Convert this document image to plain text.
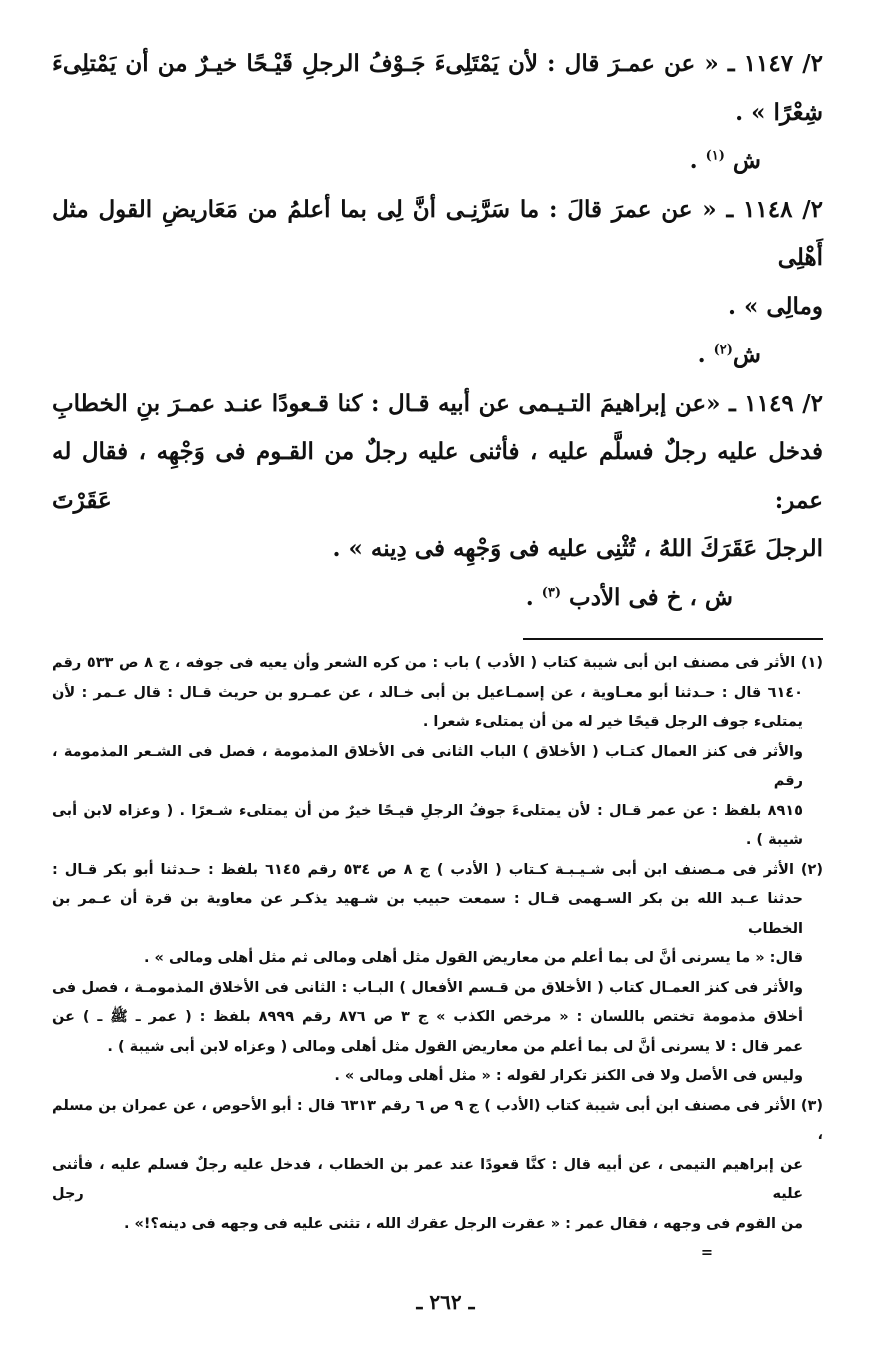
٢/ ١١٤٧ ـ « عن عمـرَ قال : لأن يَمْتَلِىءَ جَـوْفُ الرجلِ قَيْـحًا خيـرٌ من أن يَمْتلِىءَ

شِعْرًا » .

ش $^{(١)}$ .

٢/ ١١٤٨ ـ « عن عمرَ قالَ : ما سَرَّنِـى أنَّ لِى بما أعلمُ من مَعَاريضِ القول مثل أَهْلِى

ومالِى » .

ش$^{(٢)}$ .

٢/ ١١٤٩ ـ «عن إبراهيمَ التـيـمى عن أبيه قـال : كنا قـعودًا عنـد عمـرَ بنِ الخطابِ

فدخل عليه رجلٌ فسلَّم عليه ، فأثنى عليه رجلٌ من القـوم فى وَجْهِه ، فقال له عمر: عَقَرْتَ

الرجلَ عَقَرَكَ اللهُ ، تُثْنِى عليه فى وَجْهِه فى دِينه » .

ش ، خ فى الأدب $^{(٣)}$ .

(١) الأثر فى مصنف ابن أبى شيبة كتاب ( الأدب ) باب : من كره الشعر وأن يعيه فى جوفه ، ج ٨ ص ٥٣٣ رقم

٦١٤٠ قال : حـدثنا أبو معـاوية ، عن إسمـاعيل بن أبى خـالد ، عن عمـرو بن حريث قـال : قال عـمر : لأن

يمتلىء جوف الرجل قيحًا خير له من أن يمتلىء شعرا .

والأثر فى كنز العمال كتـاب ( الأخلاق ) الباب الثانى فى الأخلاق المذمومة ، فصل فى الشـعر المذمومة ، رقم

٨٩١٥ بلفظ : عن عمر قـال : لأن يمتلىءَ جوفُ الرجلِ قيـحًا خيرٌ من أن يمتلىء شـعرًا . ( وعزاه لابن أبى

شيبة ) .

(٢) الأثر فى مـصنف ابن أبى شـيـبـة كـتاب ( الأدب ) ج ٨ ص ٥٣٤ رقم ٦١٤٥ بلفظ : حـدثنا أبو بكر قـال :

حدثنا عـبد الله بن بكر السـهمى قـال : سمعت حبيب بن شـهيد يذكـر عن معاوية بن قرة أن عـمر بن الخطاب

قال: « ما يسرنى أنَّ لى بما أعلم من معاريض القول مثل أهلى ومالى ثم مثل أهلى ومالى » .

والأثر فى كنز العمـال كتاب ( الأخلاق من قـسم الأفعال ) البـاب : الثانى فى الأخلاق المذمومـة ، فصل فى

أخلاق مذمومة تختص باللسان : « مرخص الكذب » ج ٣ ص ٨٧٦ رقم ٨٩٩٩ بلفظ : ( عمر ـ ﷺ ـ ) عن

عمر قال : لا يسرنى أنَّ لى بما أعلم من معاريض القول مثل أهلى ومالى ( وعزاه لابن أبى شيبة ) .

وليس فى الأصل ولا فى الكنز تكرار لقوله : « مثل أهلى ومالى » .

(٣) الأثر فى مصنف ابن أبى شيبة كتاب (الأدب ) ج ٩ ص ٦ رقم ٦٣١٣ قال : أبو الأحوص ، عن عمران بن مسلم ،

عن إبراهيم التيمى ، عن أبيه قال : كنَّا قعودًا عند عمر بن الخطاب ، فدخل عليه رجلٌ فسلم عليه ، فأثنى عليه رجل

من القوم فى وجهه ، فقال عمر : « عقرت الرجل عقرك الله ، تثنى عليه فى وجهه فى دينه؟!» .=

ـ ٢٦٢ ـ
